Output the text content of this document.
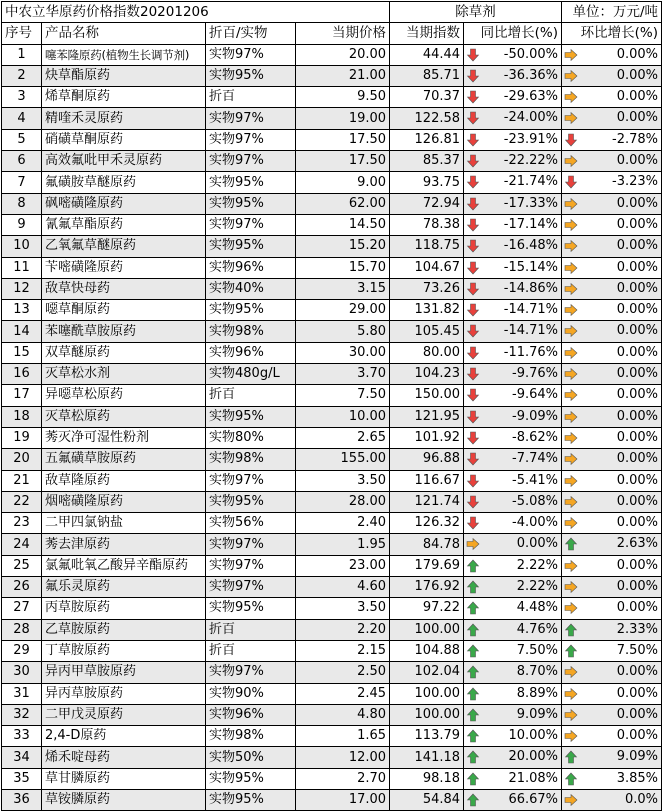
中农立华原药价格指数20201206				除草剂		单位：万元/吨
序号	产品名称	折百/实物	当期价格	当期指数	同比增长(%)	环比增长(%)
1	噻苯隆原药(植物生长调节剂)	实物97%	20.00	44.44	-50.00%	0.00%

2	炔草酯原药	实物95%	21.00	85.71	-36.36%	0.00%

3	烯草酮原药	折百	9.50	70.37	-29.63%	0.00%

4	精喹禾灵原药	实物97%	19.00	122.58	-24.00%	0.00%

5	硝磺草酮原药	实物97%	17.50	126.81	-23.91%	-2.78%

6	高效氟吡甲禾灵原药	实物97%	17.50	85.37	-22.22%	0.00%

7	氟磺胺草醚原药	实物95%	9.00	93.75	-21.74%	-3.23%

8	砜嘧磺隆原药	实物95%	62.00	72.94	-17.33%	0.00%

9	氰氟草酯原药	实物97%	14.50	78.38	-17.14%	0.00%

10	乙氧氟草醚原药	实物95%	15.20	118.75	-16.48%	0.00%

11	苄嘧磺隆原药	实物96%	15.70	104.67	-15.14%	0.00%

12	敌草快母药	实物40%	3.15	73.26	-14.86%	0.00%

13	噁草酮原药	实物95%	29.00	131.82	-14.71%	0.00%

14	苯噻酰草胺原药	实物98%	5.80	105.45	-14.71%	0.00%

15	双草醚原药	实物96%	30.00	80.00	-11.76%	0.00%

16	灭草松水剂	实物480g/L	3.70	104.23	-9.76%	0.00%

17	异噁草松原药	折百	7.50	150.00	-9.64%	0.00%

18	灭草松原药	实物95%	10.00	121.95	-9.09%	0.00%

19	莠灭净可湿性粉剂	实物80%	2.65	101.92	-8.62%	0.00%

20	五氟磺草胺原药	实物98%	155.00	96.88	-7.74%	0.00%

21	敌草隆原药	实物97%	3.50	116.67	-5.41%	0.00%

22	烟嘧磺隆原药	实物95%	28.00	121.74	-5.08%	0.00%

23	二甲四氯钠盐	实物56%	2.40	126.32	-4.00%	0.00%

24	莠去津原药	实物97%	1.95	84.78	0.00%	2.63%

25	氯氟吡氧乙酸异辛酯原药	实物97%	23.00	179.69	2.22%	0.00%

26	氟乐灵原药	实物97%	4.60	176.92	2.22%	0.00%

27	丙草胺原药	实物95%	3.50	97.22	4.48%	0.00%

28	乙草胺原药	折百	2.20	100.00	4.76%	2.33%

29	丁草胺原药	折百	2.15	104.88	7.50%	7.50%

30	异丙甲草胺原药	实物97%	2.50	102.04	8.70%	0.00%

31	异丙草胺原药	实物90%	2.45	100.00	8.89%	0.00%

32	二甲戊灵原药	实物96%	4.80	100.00	9.09%	0.00%

33	2,4-D原药	实物98%	1.65	113.79	10.00%	0.00%

34	烯禾啶母药	实物50%	12.00	141.18	20.00%	9.09%

35	草甘膦原药	实物95%	2.70	98.18	21.08%	3.85%

36	草铵膦原药	实物95%	17.00	54.84	66.67%	0.0%
